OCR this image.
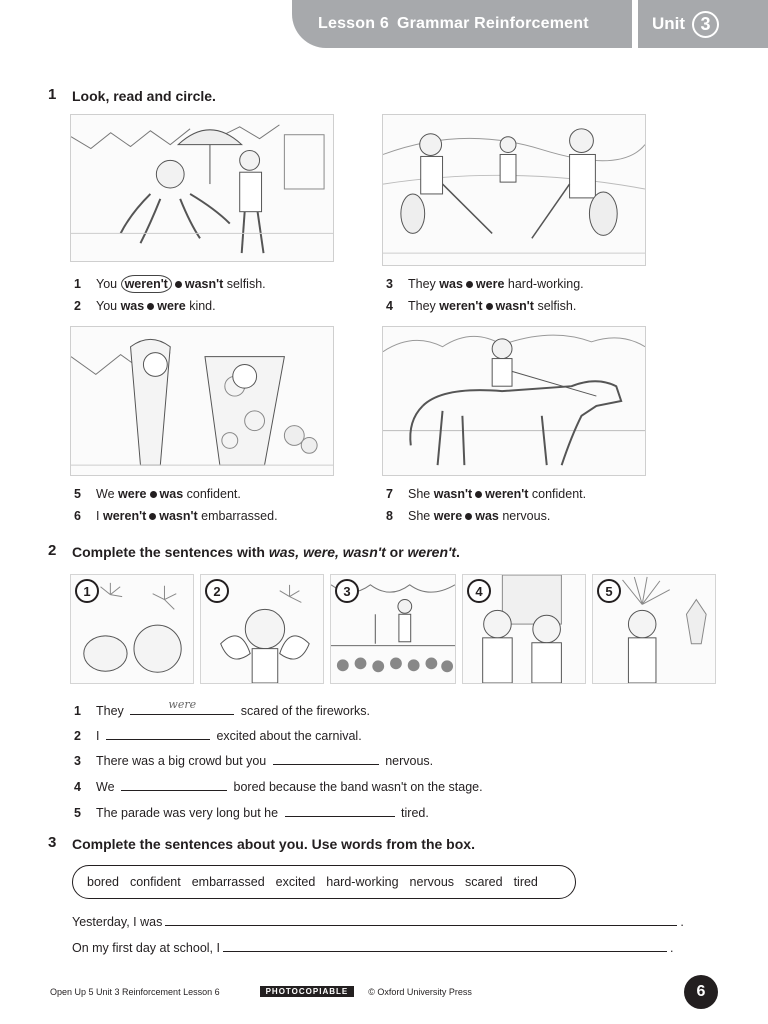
Lesson 6 Grammar Reinforcement	Unit 3
1 Look, read and circle.
1 You weren't wasn't selfish.
2 You was were kind.
3 They was were hard-working.
4 They weren't wasn't selfish.
5 We were was confident.
6 I weren't wasn't embarrassed.
7 She wasn't weren't confident.
8 She were was nervous.
2 Complete the sentences with was, were, wasn't or weren't.
1	2	3	4	5
1 They	were	scared of the fireworks.
2 I	excited about the carnival.
3 There was a big crowd but you	nervous.
4 We	bored because the band wasn't on the stage.
5 The parade was very long but he	tired.
3 Complete the sentences about you. Use words from the box.
bored confident embarrassed excited hard-working nervous scared tired
Yesterday, I was	.
On my first day at school, I	.
Open Up 5 Unit 3 Reinforcement Lesson 6	PHOTOCOPIABLE	© Oxford University Press	6
